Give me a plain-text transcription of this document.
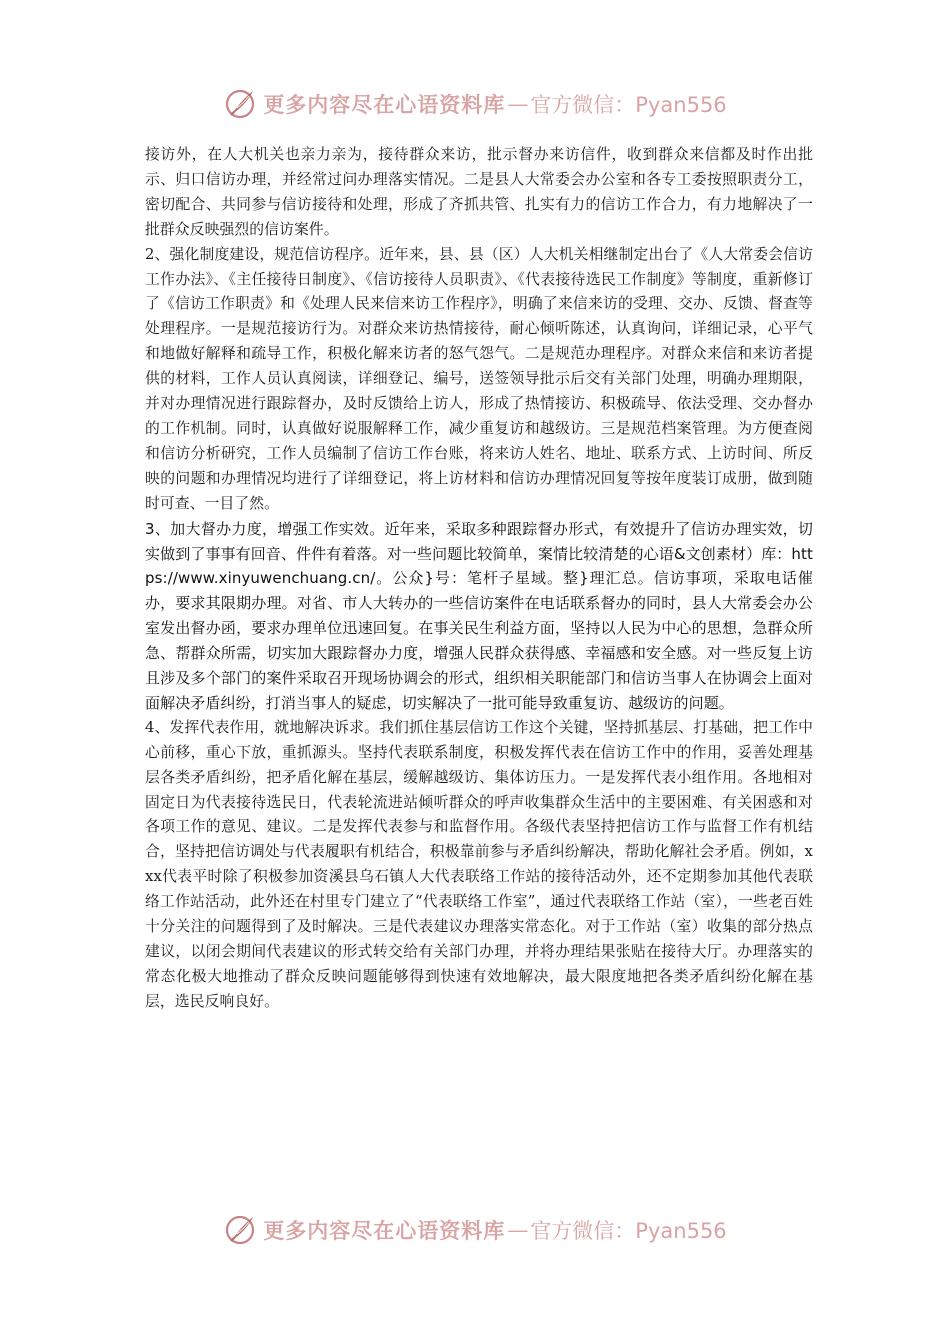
更多内容尽在心语资料库 — 官方微信：Pyan556

接访外，在人大机关也亲力亲为，接待群众来访，批示督办来访信件，收到群众来信都及时作出批示、归口信访办理，并经常过问办理落实情况。二是县人大常委会办公室和各专工委按照职责分工，密切配合、共同参与信访接待和处理，形成了齐抓共管、扎实有力的信访工作合力，有力地解决了一批群众反映强烈的信访案件。

2、强化制度建设，规范信访程序。近年来，县、县（区）人大机关相继制定出台了《人大常委会信访工作办法》、《主任接待日制度》、《信访接待人员职责》、《代表接待选民工作制度》等制度，重新修订了《信访工作职责》和《处理人民来信来访工作程序》，明确了来信来访的受理、交办、反馈、督查等处理程序。一是规范接访行为。对群众来访热情接待，耐心倾听陈述，认真询问，详细记录，心平气和地做好解释和疏导工作，积极化解来访者的怒气怨气。二是规范办理程序。对群众来信和来访者提供的材料，工作人员认真阅读，详细登记、编号，送签领导批示后交有关部门处理，明确办理期限，并对办理情况进行跟踪督办，及时反馈给上访人，形成了热情接访、积极疏导、依法受理、交办督办的工作机制。同时，认真做好说服解释工作，减少重复访和越级访。三是规范档案管理。为方便查阅和信访分析研究，工作人员编制了信访工作台账，将来访人姓名、地址、联系方式、上访时间、所反映的问题和办理情况均进行了详细登记，将上访材料和信访办理情况回复等按年度装订成册，做到随时可查、一目了然。

3、加大督办力度，增强工作实效。近年来，采取多种跟踪督办形式，有效提升了信访办理实效，切实做到了事事有回音、件件有着落。对一些问题比较简单，案情比较清楚的心语&文创素材）库：https://www.xinyuwenchuang.cn/。公众}号：笔杆子星域。整}理汇总。信访事项，采取电话催办，要求其限期办理。对省、市人大转办的一些信访案件在电话联系督办的同时，县人大常委会办公室发出督办函，要求办理单位迅速回复。在事关民生利益方面，坚持以人民为中心的思想，急群众所急、帮群众所需，切实加大跟踪督办力度，增强人民群众获得感、幸福感和安全感。对一些反复上访且涉及多个部门的案件采取召开现场协调会的形式，组织相关职能部门和信访当事人在协调会上面对面解决矛盾纠纷，打消当事人的疑虑，切实解决了一批可能导致重复访、越级访的问题。

4、发挥代表作用，就地解决诉求。我们抓住基层信访工作这个关键，坚持抓基层、打基础，把工作中心前移，重心下放，重抓源头。坚持代表联系制度，积极发挥代表在信访工作中的作用，妥善处理基层各类矛盾纠纷，把矛盾化解在基层，缓解越级访、集体访压力。一是发挥代表小组作用。各地相对固定日为代表接待选民日，代表轮流进站倾听群众的呼声收集群众生活中的主要困难、有关困惑和对各项工作的意见、建议。二是发挥代表参与和监督作用。各级代表坚持把信访工作与监督工作有机结合，坚持把信访调处与代表履职有机结合，积极靠前参与矛盾纠纷解决，帮助化解社会矛盾。例如，xxx代表平时除了积极参加资溪县乌石镇人大代表联络工作站的接待活动外，还不定期参加其他代表联络工作站活动，此外还在村里专门建立了“代表联络工作室”，通过代表联络工作站（室），一些老百姓十分关注的问题得到了及时解决。三是代表建议办理落实常态化。对于工作站（室）收集的部分热点建议，以闭会期间代表建议的形式转交给有关部门办理，并将办理结果张贴在接待大厅。办理落实的常态化极大地推动了群众反映问题能够得到快速有效地解决，最大限度地把各类矛盾纠纷化解在基层，选民反响良好。

更多内容尽在心语资料库 — 官方微信：Pyan556
